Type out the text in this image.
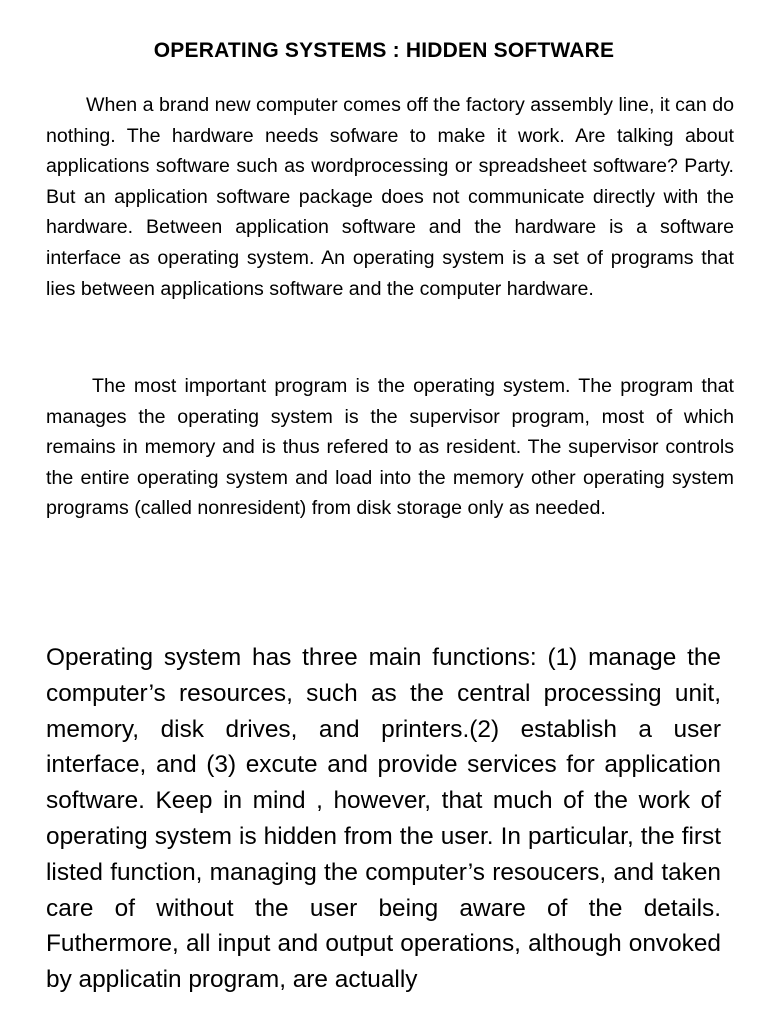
OPERATING SYSTEMS : HIDDEN SOFTWARE

When a brand new computer comes off the factory assembly line, it can do nothing. The hardware needs sofware to make it work. Are talking about applications software such as wordprocessing or spreadsheet software? Party. But an application software package does not communicate directly with the hardware. Between application software and the hardware is a software interface as operating system. An operating system is a set of programs that lies between applications software and the computer hardware.

The most important program is the operating system. The program that manages the operating system is the supervisor program, most of which remains in memory and is thus refered to as resident. The supervisor controls the entire operating system and load into the memory other operating system programs (called nonresident) from disk storage only as needed.

Operating system has three main functions: (1) manage the computer’s resources, such as the central processing unit, memory, disk drives, and printers.(2) establish a user interface, and (3) excute and provide services for application software. Keep in mind , however, that much of the work of operating system is hidden from the user. In particular, the first listed function, managing the computer’s resoucers, and taken care of without the user being aware of the details. Futhermore, all input and output operations, although onvoked by applicatin program, are actually
